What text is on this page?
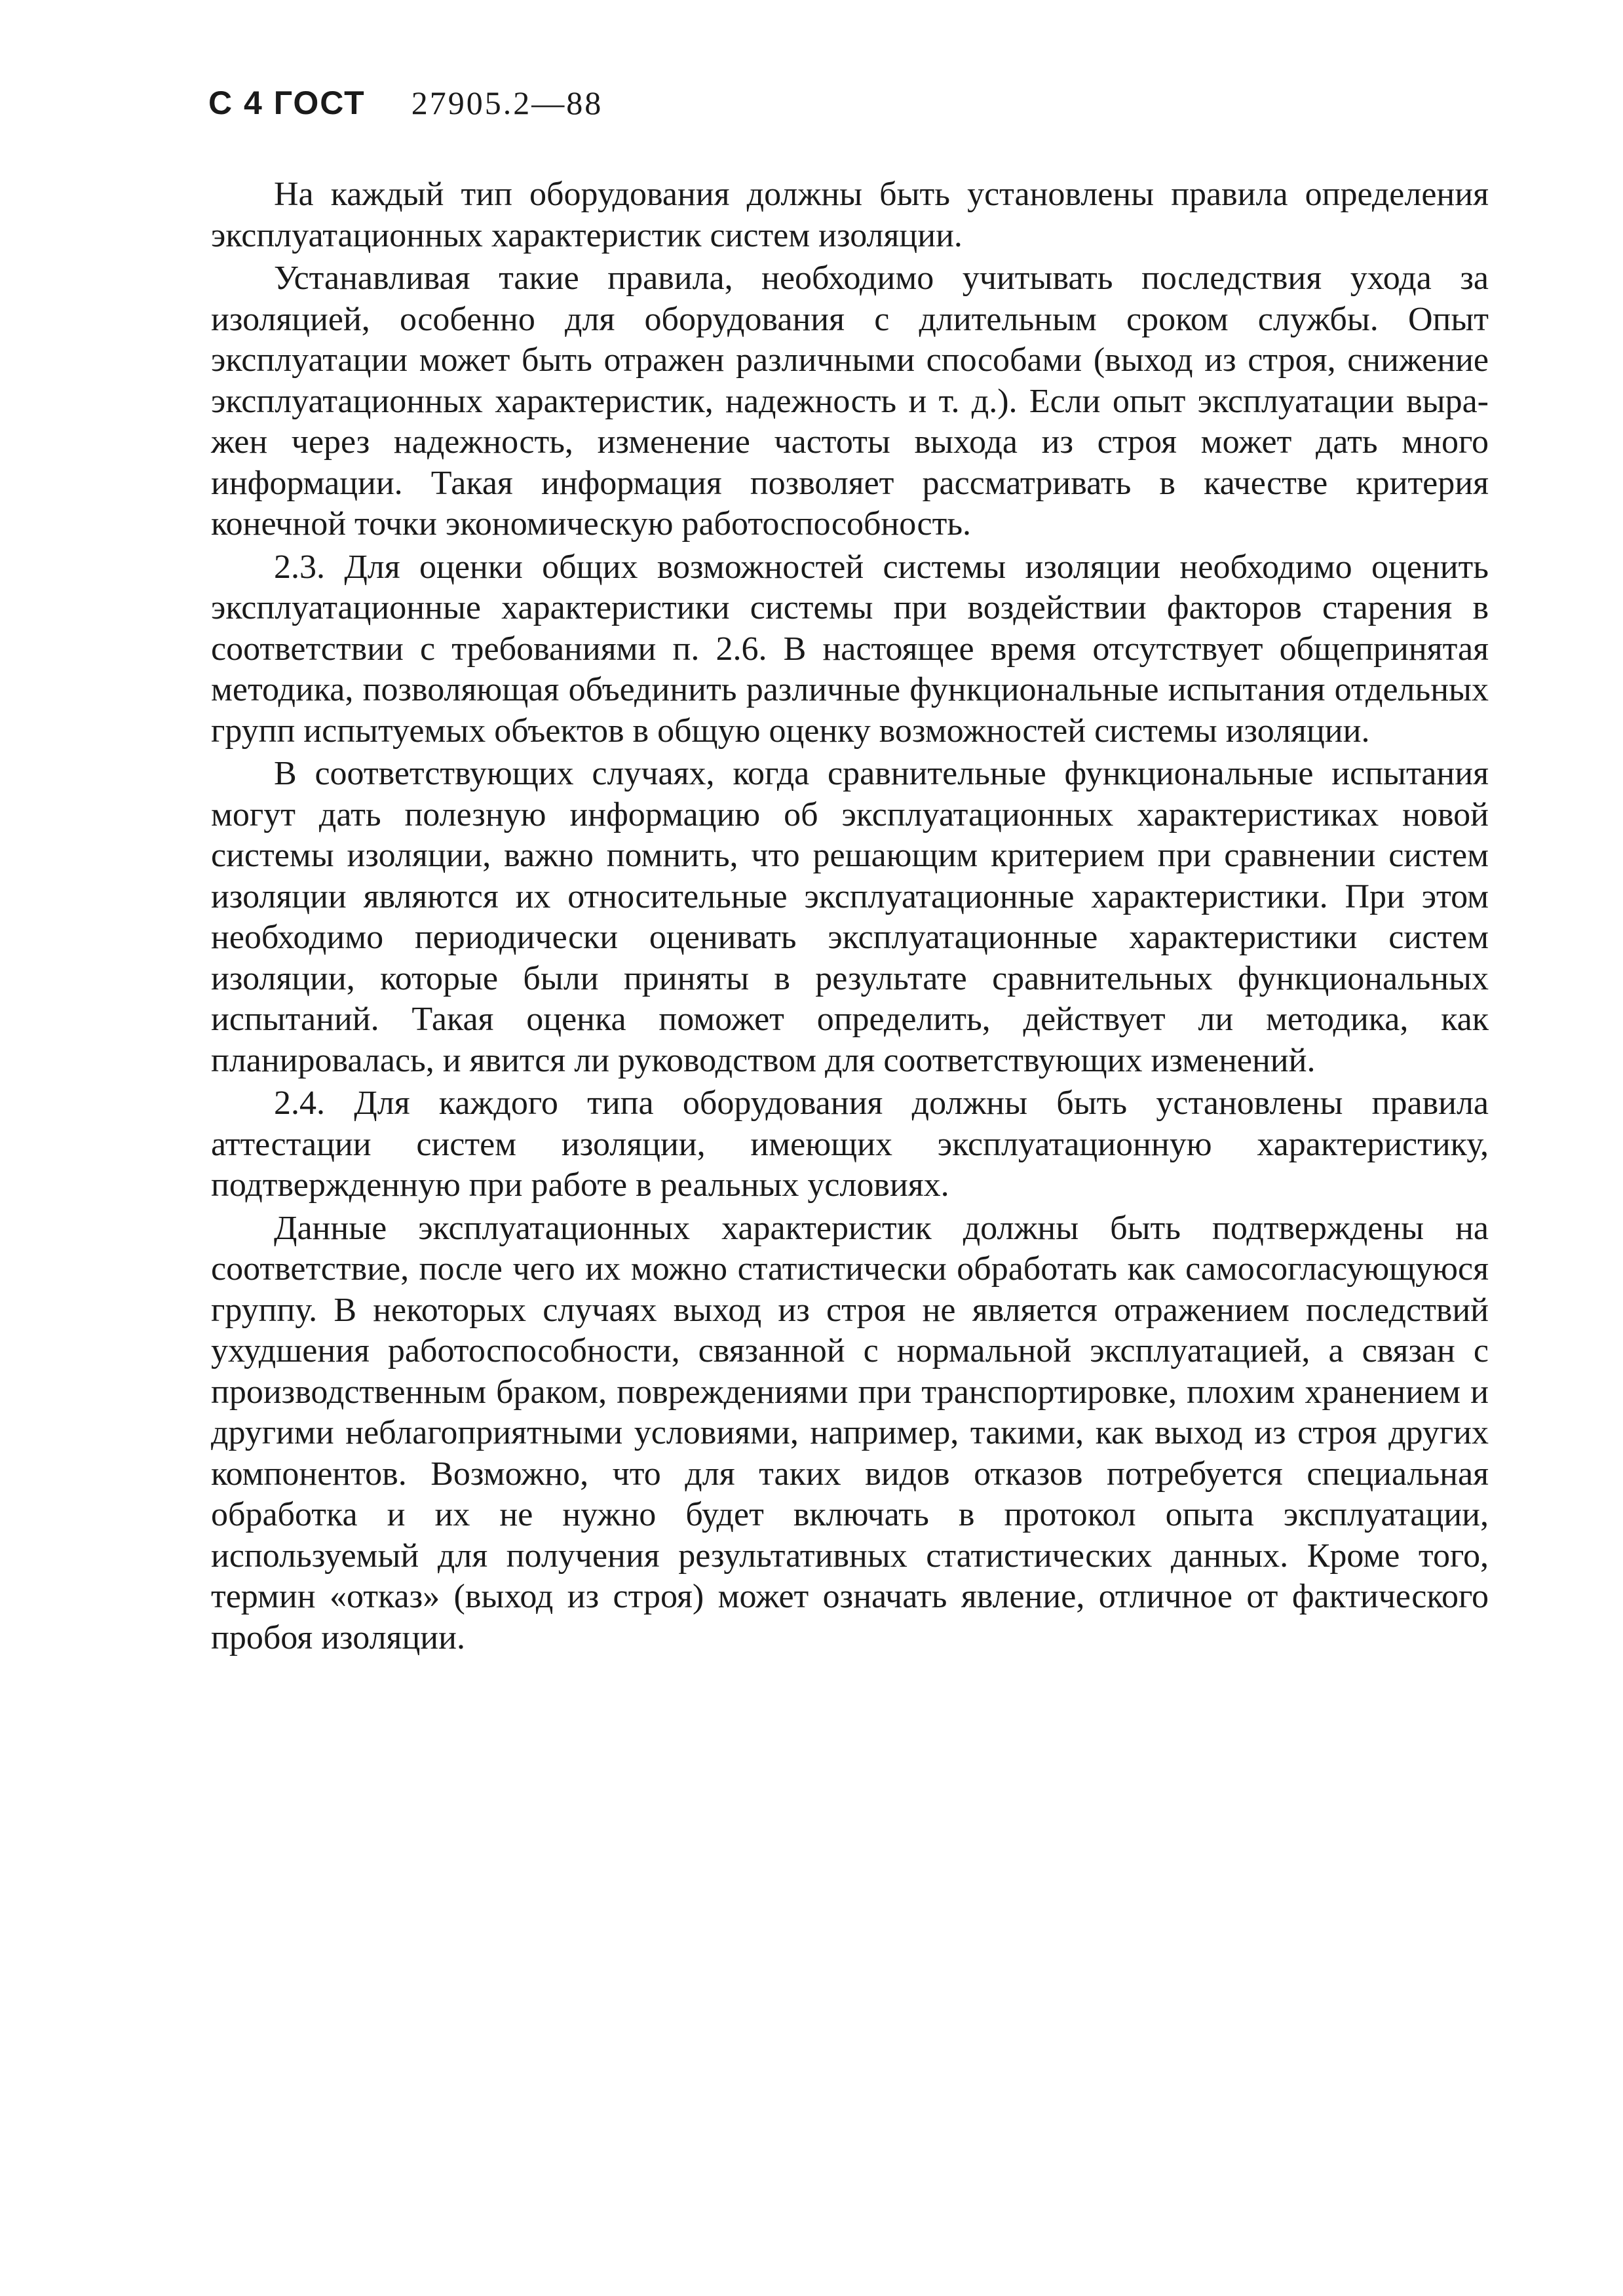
С 4 ГОСТ 27905.2—88

На каждый тип оборудования должны быть установлены правила определения эксплуатационных характеристик систем изоляции.

Устанавливая такие правила, необходимо учитывать последствия ухода за изоляцией, особенно для оборудования с длительным сроком службы. Опыт эксплуатации может быть отражен различными способами (выход из строя, снижение эксплуатационных характеристик, надежность и т. д.). Если опыт эксплуатации выражен через надежность, изменение частоты выхода из строя может дать много информации. Такая информация позволяет рассматривать в качестве критерия конечной точки экономическую работоспособность.

2.3. Для оценки общих возможностей системы изоляции необходимо оценить эксплуатационные характеристики системы при воздействии факторов старения в соответствии с требованиями п. 2.6. В настоящее время отсутствует общепринятая методика, позволяющая объединить различные функциональные испытания отдельных групп испытуемых объектов в общую оценку возможностей системы изоляции.

В соответствующих случаях, когда сравнительные функциональные испытания могут дать полезную информацию об эксплуатационных характеристиках новой системы изоляции, важно помнить, что решающим критерием при сравнении систем изоляции являются их относительные эксплуатационные характеристики. При этом необходимо периодически оценивать эксплуатационные характеристики систем изоляции, которые были приняты в результате сравнительных функциональных испытаний. Такая оценка поможет определить, действует ли методика, как планировалась, и явится ли руководством для соответствующих изменений.

2.4. Для каждого типа оборудования должны быть установлены правила аттестации систем изоляции, имеющих эксплуатационную характеристику, подтвержденную при работе в реальных условиях.

Данные эксплуатационных характеристик должны быть подтверждены на соответствие, после чего их можно статистически обработать как самосогласующуюся группу. В некоторых случаях выход из строя не является отражением последствий ухудшения работоспособности, связанной с нормальной эксплуатацией, а связан с производственным браком, повреждениями при транспортировке, плохим хранением и другими неблагоприятными условиями, например, такими, как выход из строя других компонентов. Возможно, что для таких видов отказов потребуется специальная обработка и их не нужно будет включать в протокол опыта эксплуатации, используемый для получения результативных статистических данных. Кроме того, термин «отказ» (выход из строя) может означать явление, отличное от фактического пробоя изоляции.
